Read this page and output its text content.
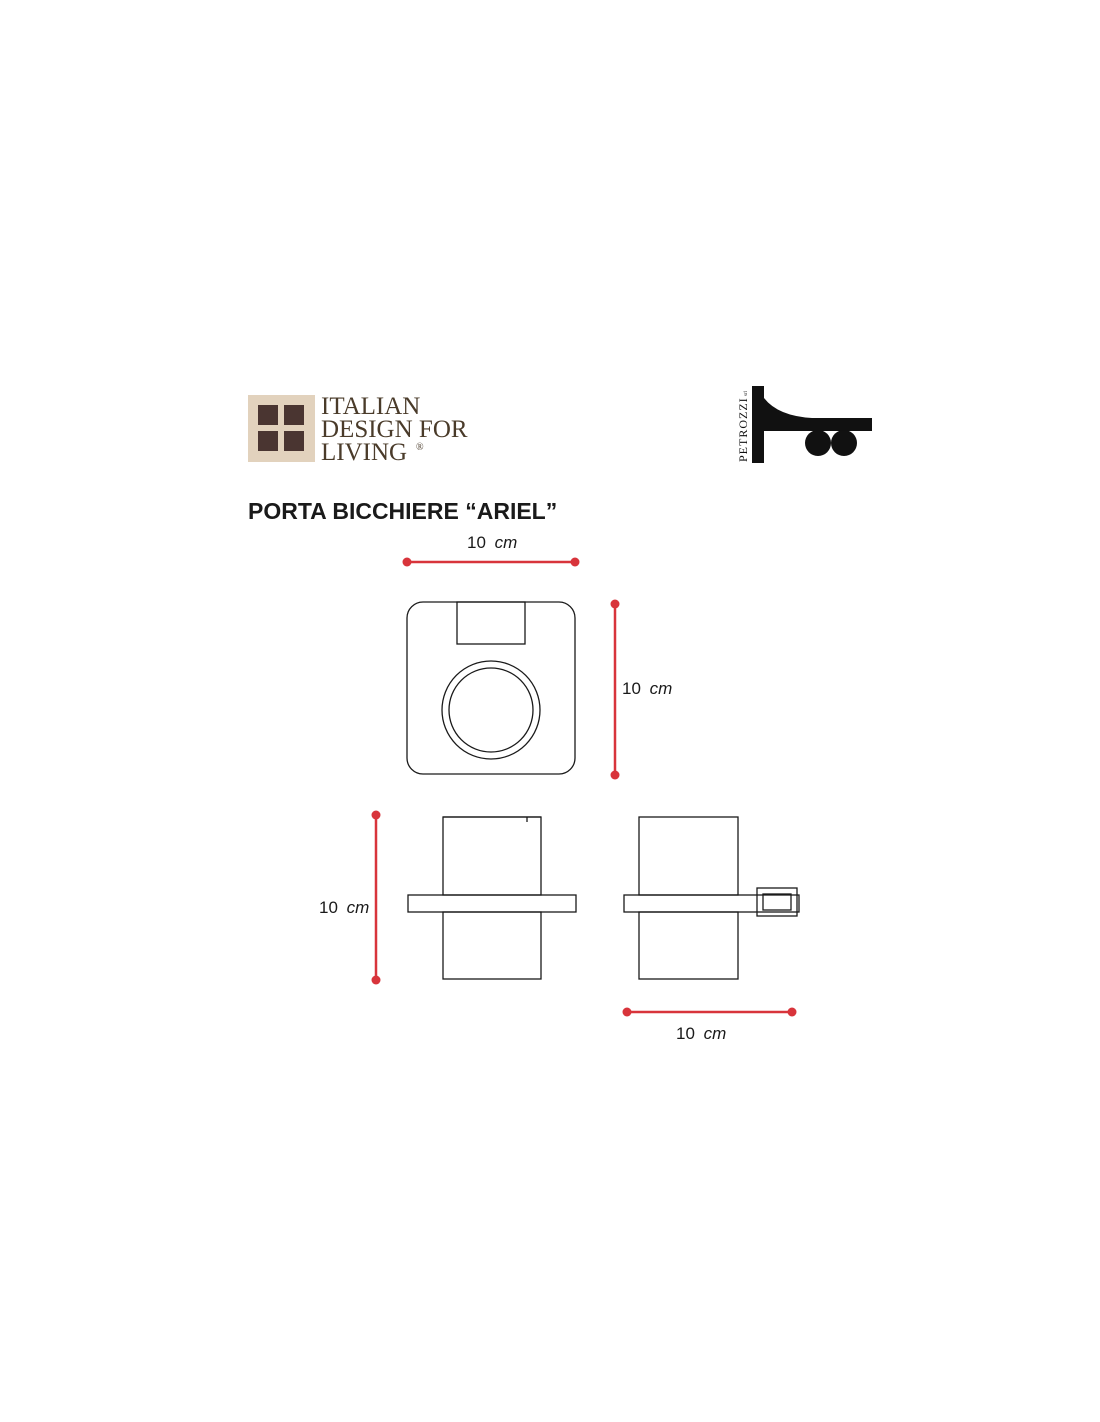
ITALIAN
DESIGN FOR
LIVING ®	PETROZZI
srl
PORTA BICCHIERE “ARIEL”
10 cm
10 cm
10 cm
10 cm
